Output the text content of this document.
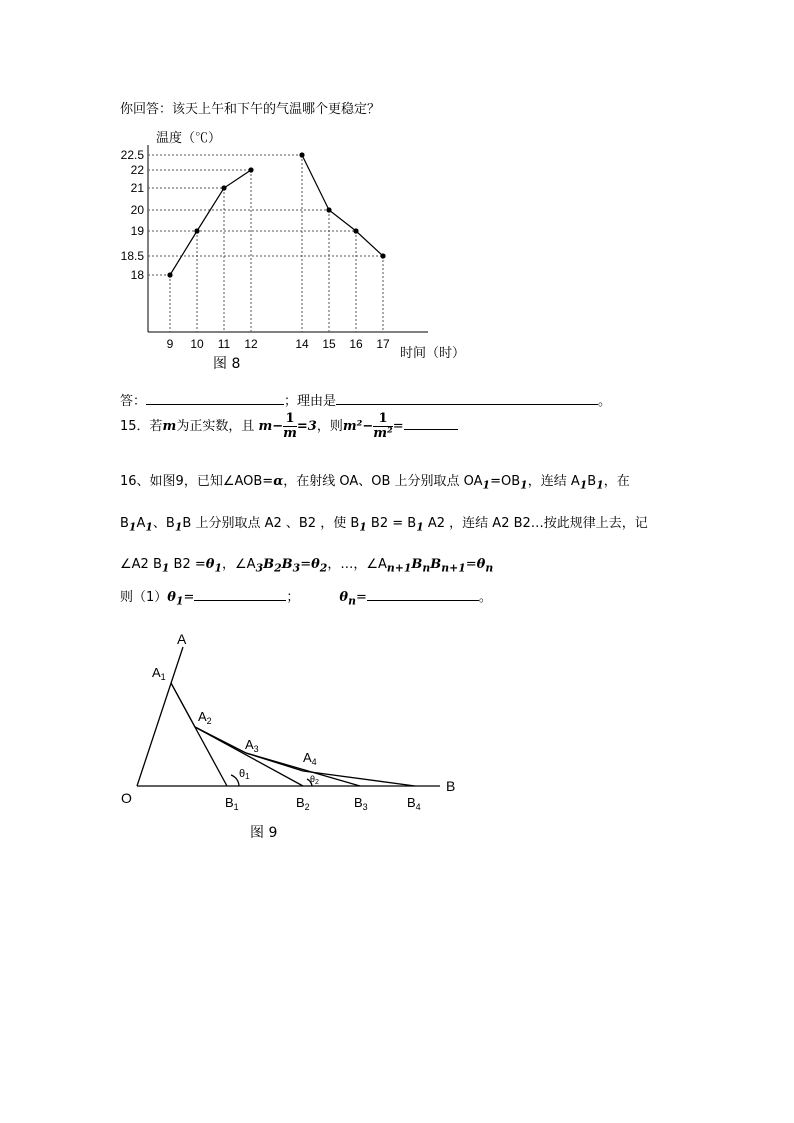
你回答：该天上午和下午的气温哪个更稳定？
温度（℃）
时间（时）
18
18.5
19
20
21
22
22.5
9 10 11 12	14 15 16 17
图 8
答：	；理由是	。
15．若m为正实数，且 $m- \frac{1}{m} =3$，则$m^2- \frac{1}{\text{m²}}$ =
16、如图9，已知∠AOB=α，在射线 OA、OB 上分别取点 $OA_1=OB_1$，连结 $A_1B_1$，在
$B_1A_1$、$B_1B$ 上分别取点 A2 、B2 ，使 $B_1$ $B2 = B_1$ A2 ，连结 A2 B2…按此规律上去，记
∠A2 $B_1$ $B2 =\theta_1$，$\angle A_3B_2B_3=\theta_2$，…，$\angle A_{n+1}B_nB_{n+1}=\theta_n$
则$(1)\theta_1=$	；	$\theta_n=$	。
A
O
B
$A_1$
$A_2$
$A_3$
$A_4$
$B_1$	$B_2$	$B_3$	$B_4$
θ1	$\theta_2$
图 9
